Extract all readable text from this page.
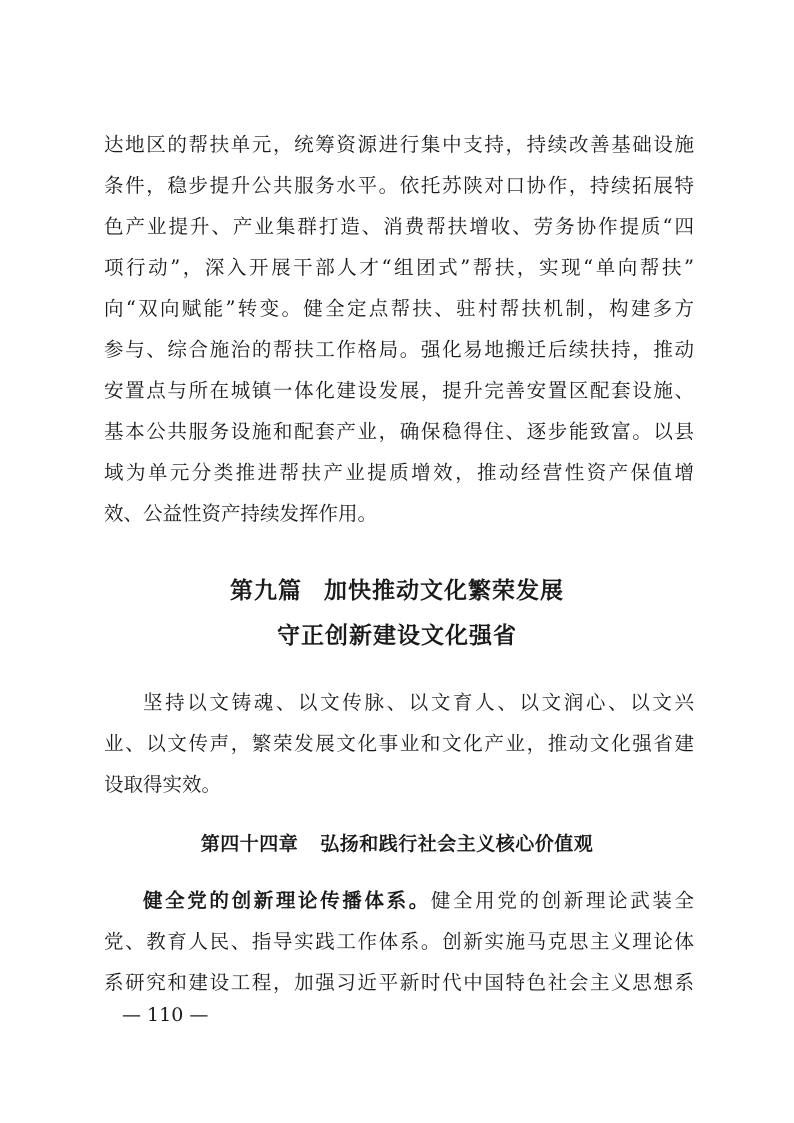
达地区的帮扶单元，统筹资源进行集中支持，持续改善基础设施
条件，稳步提升公共服务水平。依托苏陕对口协作，持续拓展特
色产业提升、产业集群打造、消费帮扶增收、劳务协作提质“四
项行动”，深入开展干部人才“组团式”帮扶，实现“单向帮扶”
向“双向赋能”转变。健全定点帮扶、驻村帮扶机制，构建多方
参与、综合施治的帮扶工作格局。强化易地搬迁后续扶持，推动
安置点与所在城镇一体化建设发展，提升完善安置区配套设施、
基本公共服务设施和配套产业，确保稳得住、逐步能致富。以县
域为单元分类推进帮扶产业提质增效，推动经营性资产保值增
效、公益性资产持续发挥作用。
第九篇 加快推动文化繁荣发展
守正创新建设文化强省
坚持以文铸魂、以文传脉、以文育人、以文润心、以文兴
业、以文传声，繁荣发展文化事业和文化产业，推动文化强省建
设取得实效。
第四十四章 弘扬和践行社会主义核心价值观
健全党的创新理论传播体系。健全用党的创新理论武装全
党、教育人民、指导实践工作体系。创新实施马克思主义理论体
系研究和建设工程，加强习近平新时代中国特色社会主义思想系
— 110 —
